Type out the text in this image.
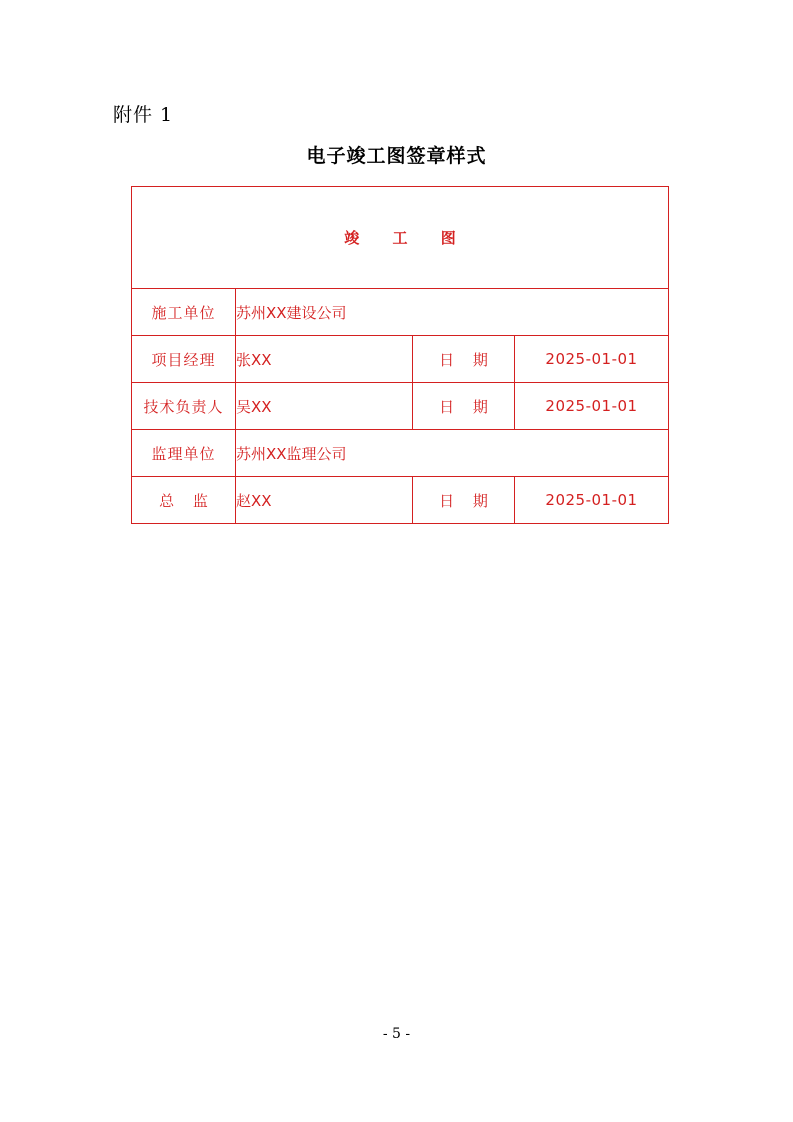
附件 1
电子竣工图签章样式
竣 工 图			
施工单位	苏州XX建设公司		
项目经理	张XX	日 期	2025-01-01
技术负责人	吴XX	日 期	2025-01-01
监理单位	苏州XX监理公司		
总 监	赵XX	日 期	2025-01-01
- 5 -
